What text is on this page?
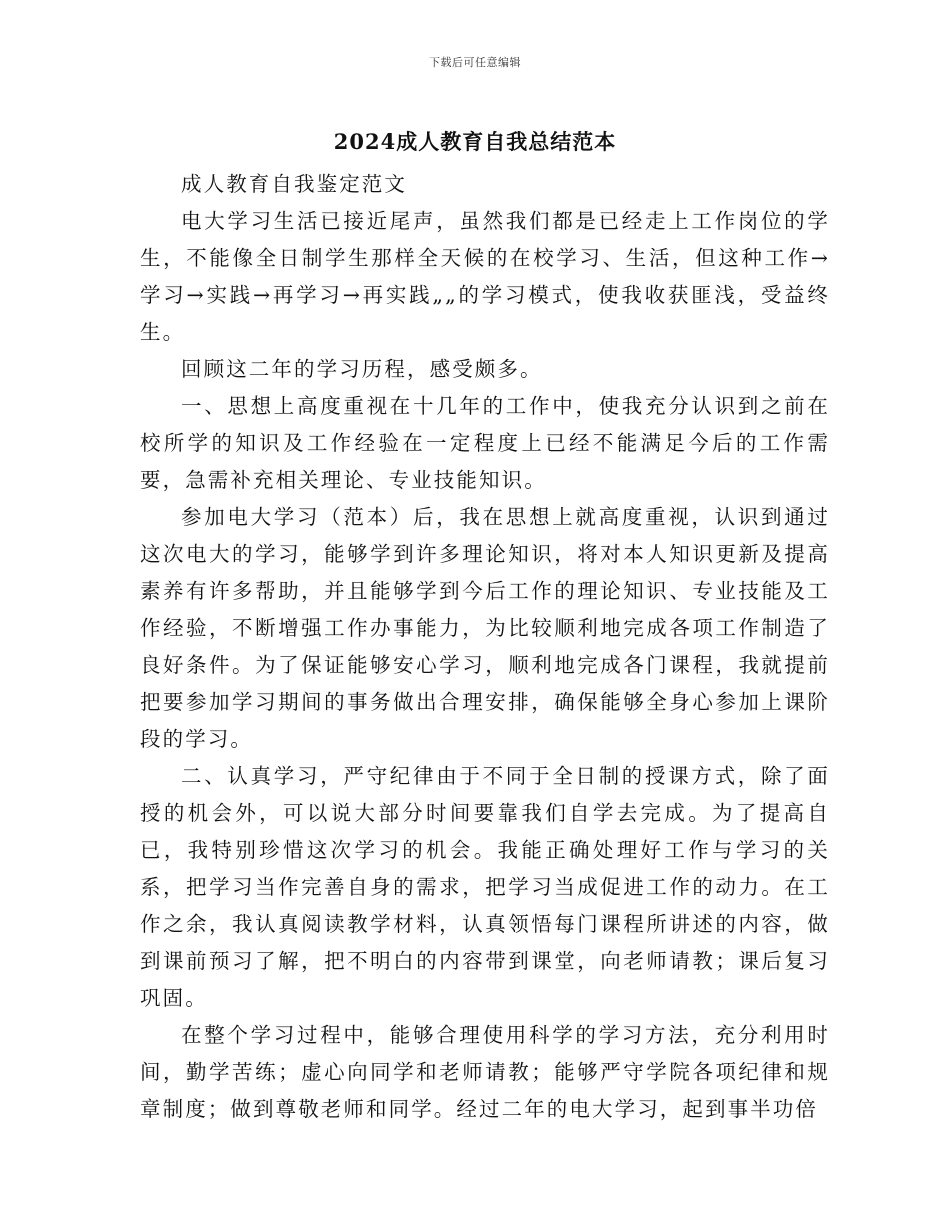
下载后可任意编辑
2024成人教育自我总结范本

成人教育自我鉴定范文

电大学习生活已接近尾声，虽然我们都是已经走上工作岗位的学生，不能像全日制学生那样全天候的在校学习、生活，但这种工作→学习→实践→再学习→再实践„„的学习模式，使我收获匪浅，受益终生。

回顾这二年的学习历程，感受颇多。

一、思想上高度重视在十几年的工作中，使我充分认识到之前在校所学的知识及工作经验在一定程度上已经不能满足今后的工作需要，急需补充相关理论、专业技能知识。

参加电大学习（范本）后，我在思想上就高度重视，认识到通过这次电大的学习，能够学到许多理论知识，将对本人知识更新及提高素养有许多帮助，并且能够学到今后工作的理论知识、专业技能及工作经验，不断增强工作办事能力，为比较顺利地完成各项工作制造了良好条件。为了保证能够安心学习，顺利地完成各门课程，我就提前把要参加学习期间的事务做出合理安排，确保能够全身心参加上课阶段的学习。

二、认真学习，严守纪律由于不同于全日制的授课方式，除了面授的机会外，可以说大部分时间要靠我们自学去完成。为了提高自已，我特别珍惜这次学习的机会。我能正确处理好工作与学习的关系，把学习当作完善自身的需求，把学习当成促进工作的动力。在工作之余，我认真阅读教学材料，认真领悟每门课程所讲述的内容，做到课前预习了解，把不明白的内容带到课堂，向老师请教；课后复习巩固。

在整个学习过程中，能够合理使用科学的学习方法，充分利用时间，勤学苦练；虚心向同学和老师请教；能够严守学院各项纪律和规章制度；做到尊敬老师和同学。经过二年的电大学习，起到事半功倍
